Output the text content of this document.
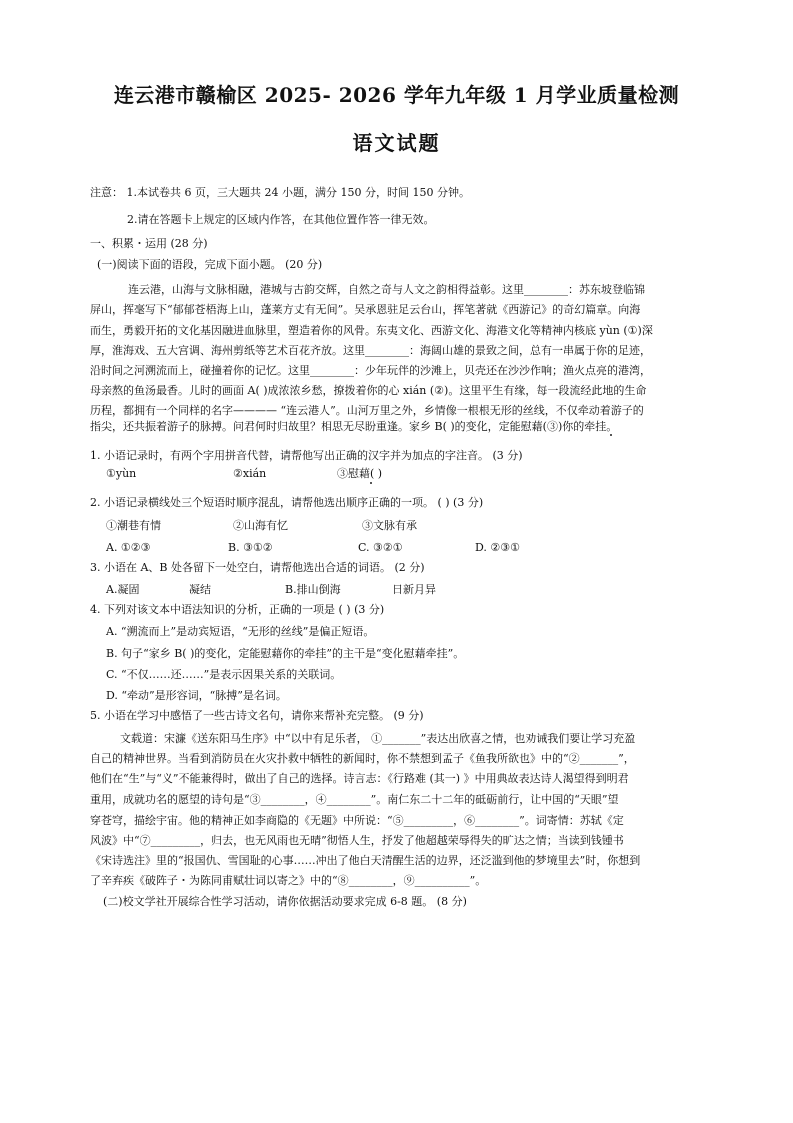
连云港市赣榆区 2025- 2026 学年九年级 1 月学业质量检测
语文试题
注意： 1.本试卷共 6 页，三大题共 24 小题，满分 150 分，时间 150 分钟。
2.请在答题卡上规定的区域内作答，在其他位置作答一律无效。
一、积累・运用 (28 分)
(一)阅读下面的语段，完成下面小题。 (20 分)
连云港，山海与文脉相融，港城与古韵交辉，自然之奇与人文之韵相得益彰。这里________：苏东坡登临锦
屏山，挥毫写下“郁郁苍梧海上山，蓬莱方丈有无间”。吴承恩驻足云台山，挥笔著就《西游记》的奇幻篇章。向海
而生，勇毅开拓的文化基因融进血脉里，塑造着你的风骨。东夷文化、西游文化、海港文化等精神内核底 yùn (①)深
厚，淮海戏、五大宫调、海州剪纸等艺术百花齐放。这里________：海阔山雄的景致之间，总有一串属于你的足迹，
沿时间之河溯流而上，碰撞着你的记忆。这里________：少年玩伴的沙滩上，贝壳还在沙沙作响；渔火点亮的港湾，
母亲熬的鱼汤最香。儿时的画面 A( )成浓浓乡愁，撩拨着你的心 xián (②)。这里平生有缘，每一段流经此地的生命
历程，都拥有一个同样的名字———— “连云港人”。山河万里之外，乡情像一根根无形的丝线，不仅牵动着游子的
指尖，还共振着游子的脉搏。问君何时归故里？相思无尽盼重逢。家乡 B( )的变化，定能慰藉(③)你的牵挂。
1. 小语记录时，有两个字用拼音代替，请帮他写出正确的汉字并为加点的字注音。 (3 分)
①yùn	②xián	③慰藉( )
2. 小语记录横线处三个短语时顺序混乱，请帮他选出顺序正确的一项。 ( ) (3 分)
①潮巷有情	②山海有忆	③文脉有承
A. ①②③	B. ③①②	C. ③②①	D. ②③①
3. 小语在 A、B 处各留下一处空白，请帮他选出合适的词语。 (2 分)
A.凝固	凝结	B.排山倒海	日新月异
4. 下列对该文本中语法知识的分析，正确的一项是 ( ) (3 分)
A. “溯流而上”是动宾短语，“无形的丝线”是偏正短语。
B. 句子“家乡 B( )的变化，定能慰藉你的牵挂”的主干是“变化慰藉牵挂”。
C. “不仅……还……”是表示因果关系的关联词。
D. “牵动”是形容词，“脉搏”是名词。
5. 小语在学习中感悟了一些古诗文名句，请你来帮补充完整。 (9 分)
文载道：宋濂《送东阳马生序》中“以中有足乐者， ①_______”表达出欣喜之情，也劝诫我们要让学习充盈
自己的精神世界。当看到消防员在火灾扑救中牺牲的新闻时，你不禁想到孟子《鱼我所欲也》中的“②_______”，
他们在“生”与“义”不能兼得时，做出了自己的选择。诗言志：《行路难 (其一) 》中用典故表达诗人渴望得到明君
重用，成就功名的愿望的诗句是“③________，④________”。南仁东二十二年的砥砺前行，让中国的“天眼”望
穿苍穹，描绘宇宙。他的精神正如李商隐的《无题》中所说：“⑤_________，⑥________”。词寄情：苏轼《定
风波》中“⑦_________，归去，也无风雨也无晴”彻悟人生，抒发了他超越荣辱得失的旷达之情；当读到钱锺书
《宋诗选注》里的“报国仇、雪国耻的心事……冲出了他白天清醒生活的边界，还泛滥到他的梦境里去”时，你想到
了辛弃疾《破阵子・为陈同甫赋壮词以寄之》中的“⑧________，⑨__________”。
(二)校文学社开展综合性学习活动，请你依据活动要求完成 6-8 题。 (8 分)
